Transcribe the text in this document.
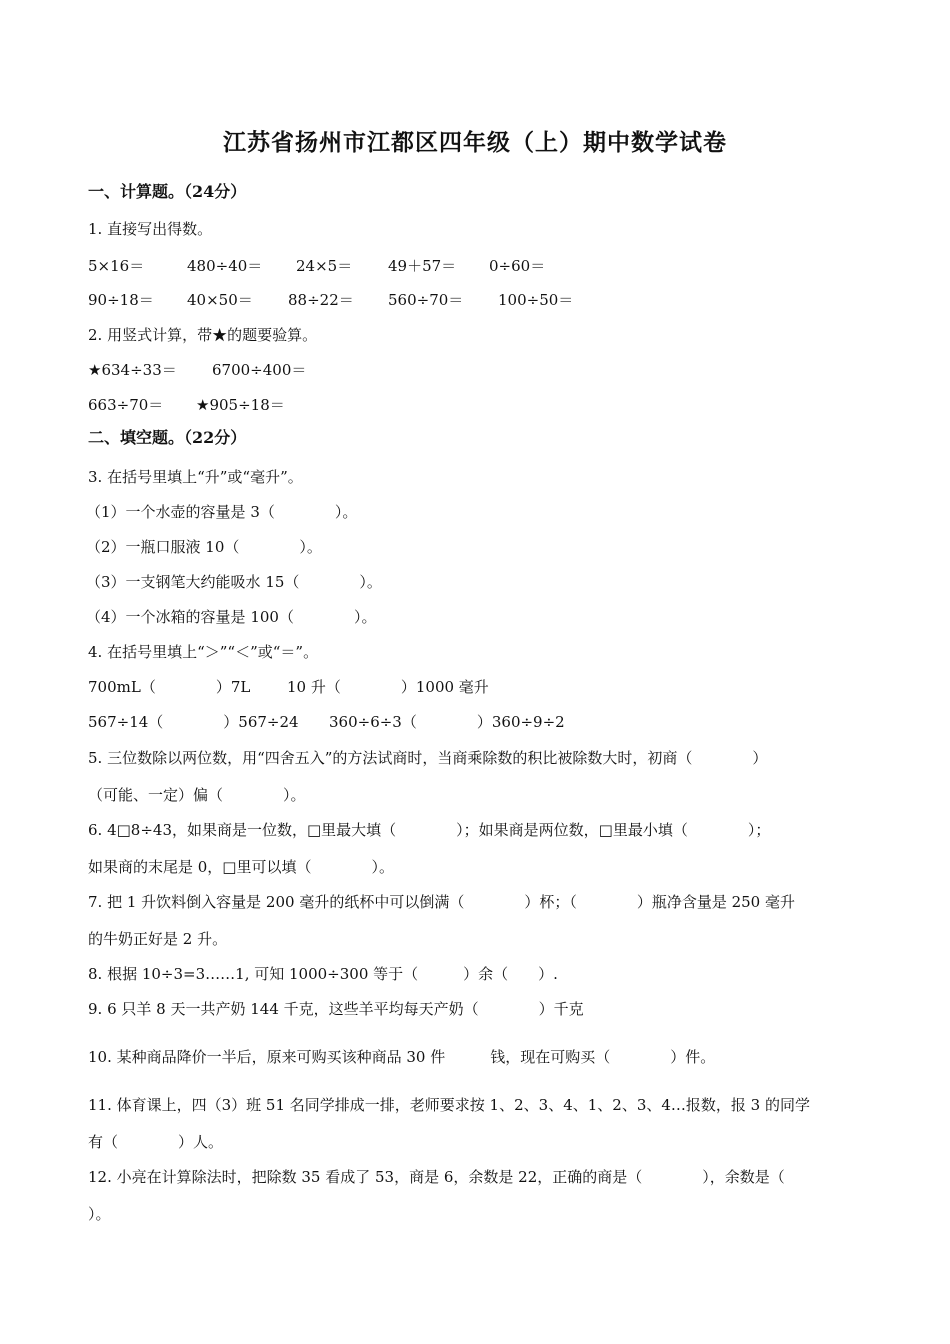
江苏省扬州市江都区四年级（上）期中数学试卷
一、计算题。（24分）
1. 直接写出得数。

5×16＝

	480÷40＝

24×5＝

49＋57＝

0÷60＝

90÷18＝

40×50＝

88÷22＝

560÷70＝

100÷50＝

2. 用竖式计算，带★的题要验算。

★634÷33＝

6700÷400＝

663÷70＝

★905÷18＝

二、填空题。（22分）
3. 在括号里填上“升”或“毫升”。
（1）一个水壶的容量是 3（　　　　）。
（2）一瓶口服液 10（　　　　）。
（3）一支钢笔大约能吸水 15（　　　　）。
（4）一个冰箱的容量是 100（　　　　）。
4. 在括号里填上“＞”“＜”或“＝”。

700mL（　　　　）7L

10 升（　　　　）1000 毫升

567÷14（　　　　）567÷24

360÷6÷3（　　　　）360÷9÷2

5. 三位数除以两位数，用“四舍五入”的方法试商时，当商乘除数的积比被除数大时，初商（　　　　）
（可能、一定）偏（　　　　）。
6. 4□8÷43，如果商是一位数，□里最大填（　　　　）；如果商是两位数，□里最小填（　　　　）；
如果商的末尾是 0，□里可以填（　　　　）。
7. 把 1 升饮料倒入容量是 200 毫升的纸杯中可以倒满（　　　　）杯；（　　　　）瓶净含量是 250 毫升
的牛奶正好是 2 升。
8. 根据 10÷3=3……1, 可知 1000÷300 等于（　　　）余（　　）.
9. 6 只羊 8 天一共产奶 144 千克，这些羊平均每天产奶（　　　　）千克
10. 某种商品降价一半后，原来可购买该种商品 30 件　　　钱，现在可购买（　　　　）件。
11. 体育课上，四（3）班 51 名同学排成一排，老师要求按 1、2、3、4、1、2、3、4…报数，报 3 的同学
有（　　　　）人。
12. 小亮在计算除法时，把除数 35 看成了 53，商是 6，余数是 22，正确的商是（　　　　），余数是（
）。
